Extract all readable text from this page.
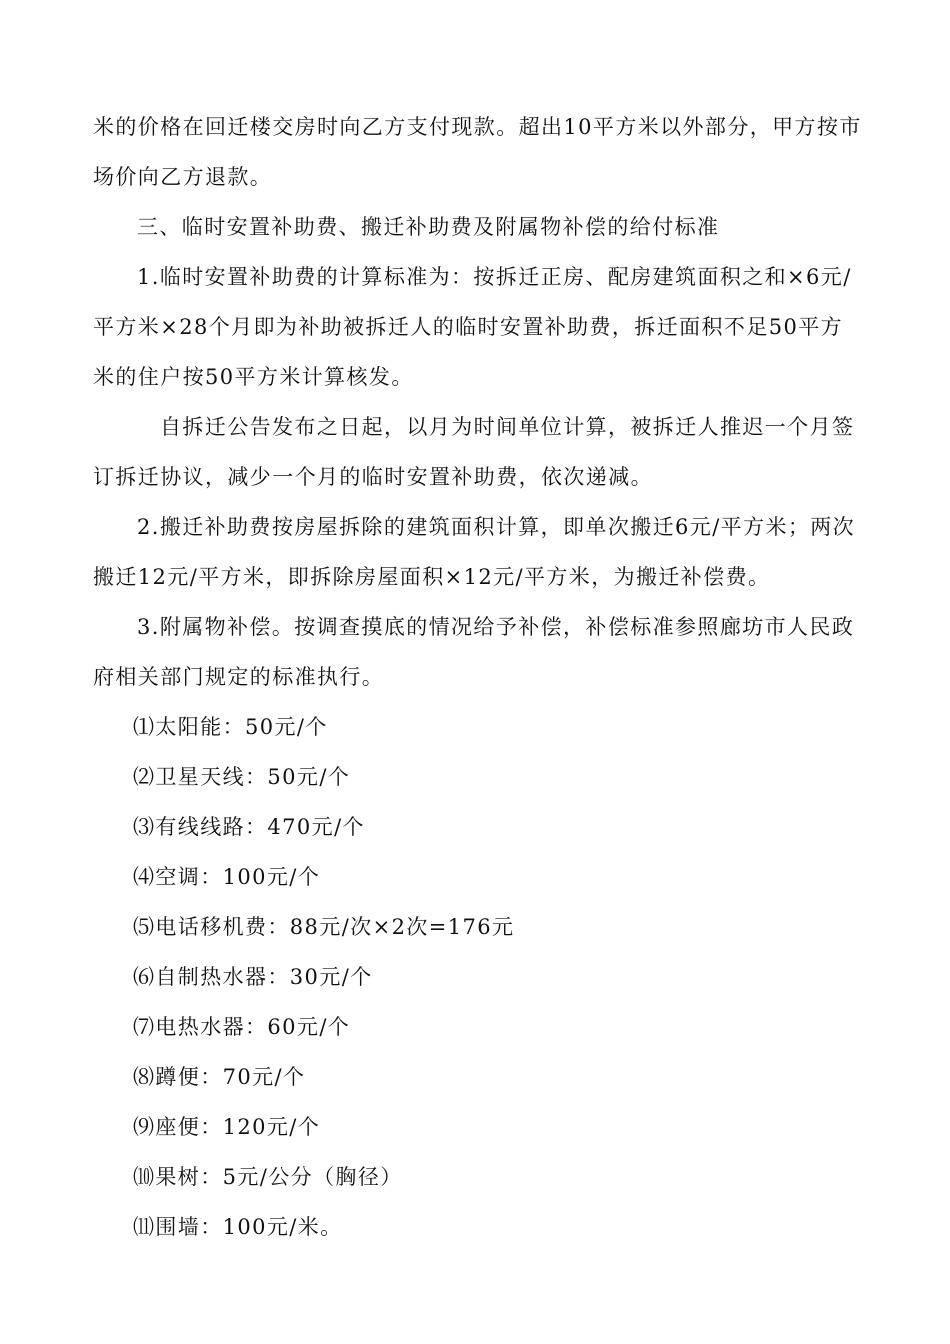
米的价格在回迁楼交房时向乙方支付现款。超出10平方米以外部分，甲方按市
场价向乙方退款。
三、临时安置补助费、搬迁补助费及附属物补偿的给付标准
1.临时安置补助费的计算标准为：按拆迁正房、配房建筑面积之和×6元/
平方米×28个月即为补助被拆迁人的临时安置补助费，拆迁面积不足50平方
米的住户按50平方米计算核发。
自拆迁公告发布之日起，以月为时间单位计算，被拆迁人推迟一个月签
订拆迁协议，减少一个月的临时安置补助费，依次递减。
2.搬迁补助费按房屋拆除的建筑面积计算，即单次搬迁6元/平方米；两次
搬迁12元/平方米，即拆除房屋面积×12元/平方米，为搬迁补偿费。
3.附属物补偿。按调查摸底的情况给予补偿，补偿标准参照廊坊市人民政
府相关部门规定的标准执行。
⑴太阳能：50元/个
⑵卫星天线：50元/个
⑶有线线路：470元/个
⑷空调：100元/个
⑸电话移机费：88元/次×2次=176元
⑹自制热水器：30元/个
⑺电热水器：60元/个
⑻蹲便：70元/个
⑼座便：120元/个
⑽果树：5元/公分（胸径）
⑾围墙：100元/米。
